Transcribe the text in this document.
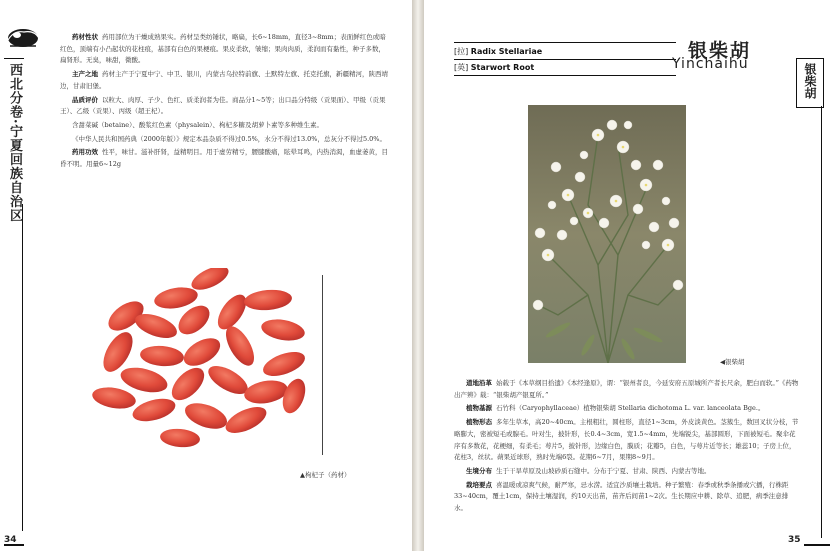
西北分卷·宁夏回族自治区

药材性状 药用部位为干燥成熟果实。药材呈类纺锤状，略扁，长6~18mm，直径3~8mm；表面鲜红色或暗红色，顶端有小凸起状的花柱痕，基部有白色的果梗痕。果皮柔软，皱缩；果肉肉质，柔润而有黏性，种子多数，扁肾形。无臭，味甜，微酸。

主产之地 药材主产于宁夏中宁、中卫、银川，内蒙古乌拉特前旗、土默特左旗、托克托旗，新疆精河，陕西靖边，甘肃旧堡。

品质评价 以粒大、肉厚、子少、色红、质柔润者为佳。商品分1~5等；出口品分特级（贡果面）、甲级（贡果王）、乙级（贡果）、丙级（超王杞）。

含甜菜碱（betaine）、酸浆红色素（physalein）、枸杞多糖及胡萝卜素等多种维生素。

《中华人民共和国药典（2000年版）》规定本品杂质不得过0.5%，水分不得过13.0%，总灰分不得过5.0%。

药用功效 性平，味甘。滋补肝肾，益精明目。用于虚劳精亏，腰膝酸痛，眩晕耳鸣，内热消渴，血虚萎黄，目昏不明。用量6~12g

▲枸杞子（药材）
34
[拉] Radix Stellariae
[英] Starwort Root
银柴胡
Yinchaihu	银柴胡
◀银柴胡

道地沿革 始载于《本草纲目拾遗》《本经逢原》，谓：“银州者良，今延安府五原城所产者长尺余，肥白而软。”《药物出产辨》载：“银柴胡产银夏所。”

植物基源 石竹科（Caryophyllaceae）植物银柴胡 Stellaria dichotoma L. var. lanceolata Bge.。

植物形态 多年生草本，高20~40cm。主根粗壮，圆柱形，直径1~3cm，外皮淡黄色。茎簇生，数回叉状分枝，节略膨大，密被短毛或腺毛。叶对生，披针形，长0.4~3cm，宽1.5~4mm，先端锐尖，基部圆形，下面被短毛。聚伞花序有多数花，花梗细，有柔毛；萼片5，披针形，边缘白色，膜质；花瓣5，白色，与萼片近等长；雄蕊10；子房上位，花柱3，丝状。蒴果近球形，熟时先端6裂。花期6~7月，果期8~9月。

生境分布 生于干旱草原及山坡砂质石缝中。分布于宁夏、甘肃、陕西、内蒙古等地。

栽培要点 喜温暖或凉爽气候，耐严寒，忌水涝。适宜沙质壤土栽培。种子繁殖：春季或秋季条播或穴播，行株距33~40cm，覆土1cm，保持土壤湿润，约10天出苗，苗齐后间苗1~2次。生长期应中耕、除草、追肥，病季注意排水。

35
